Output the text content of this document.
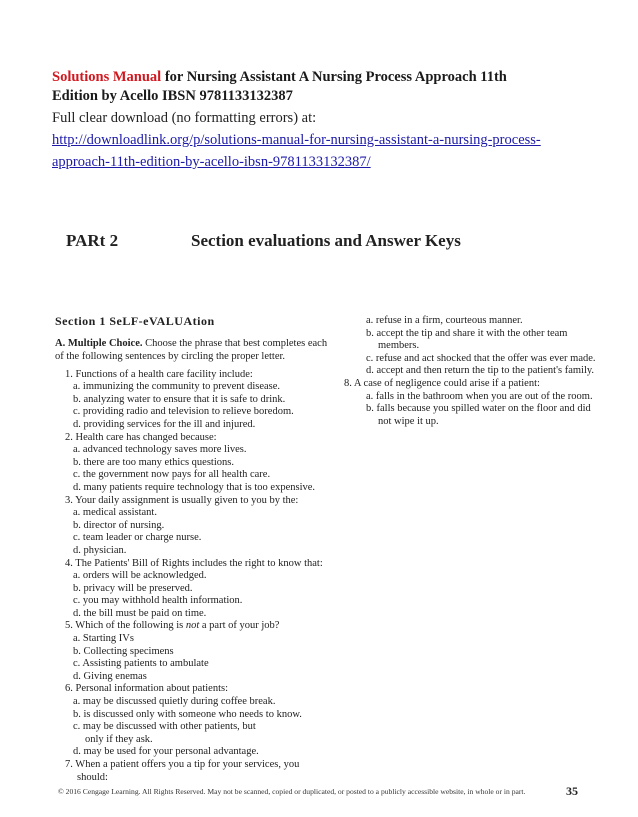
Solutions Manual for Nursing Assistant A Nursing Process Approach 11th
Edition by Acello IBSN 9781133132387
Full clear download (no formatting errors) at:
http://downloadlink.org/p/solutions-manual-for-nursing-assistant-a-nursing-process-
approach-11th-edition-by-acello-ibsn-9781133132387/
PARt 2	Section evaluations and Answer Keys
Section 1 SeLF-eVALUAtion
A. Multiple Choice. Choose the phrase that best completes each of the following sentences by circling the proper letter.
1. Functions of a health care facility include:
a. immunizing the community to prevent disease.
b. analyzing water to ensure that it is safe to drink.
c. providing radio and television to relieve boredom.
d. providing services for the ill and injured.
2. Health care has changed because:
a. advanced technology saves more lives.
b. there are too many ethics questions.
c. the government now pays for all health care.
d. many patients require technology that is too expensive.
3. Your daily assignment is usually given to you by the:
a. medical assistant.
b. director of nursing.
c. team leader or charge nurse.
d. physician.
4. The Patients' Bill of Rights includes the right to know that:
a. orders will be acknowledged.
b. privacy will be preserved.
c. you may withhold health information.
d. the bill must be paid on time.
5. Which of the following is not a part of your job?
a. Starting IVs
b. Collecting specimens
c. Assisting patients to ambulate
d. Giving enemas
6. Personal information about patients:
a. may be discussed quietly during coffee break.
b. is discussed only with someone who needs to know.
c. may be discussed with other patients, but only if they ask.
d. may be used for your personal advantage.
7. When a patient offers you a tip for your services, you should:
a. refuse in a firm, courteous manner.
b. accept the tip and share it with the other team members.
c. refuse and act shocked that the offer was ever made.
d. accept and then return the tip to the patient's family.
8. A case of negligence could arise if a patient:
a. falls in the bathroom when you are out of the room.
b. falls because you spilled water on the floor and did not wipe it up.
© 2016 Cengage Learning. All Rights Reserved. May not be scanned, copied or duplicated, or posted to a publicly accessible website, in whole or in part.	35
